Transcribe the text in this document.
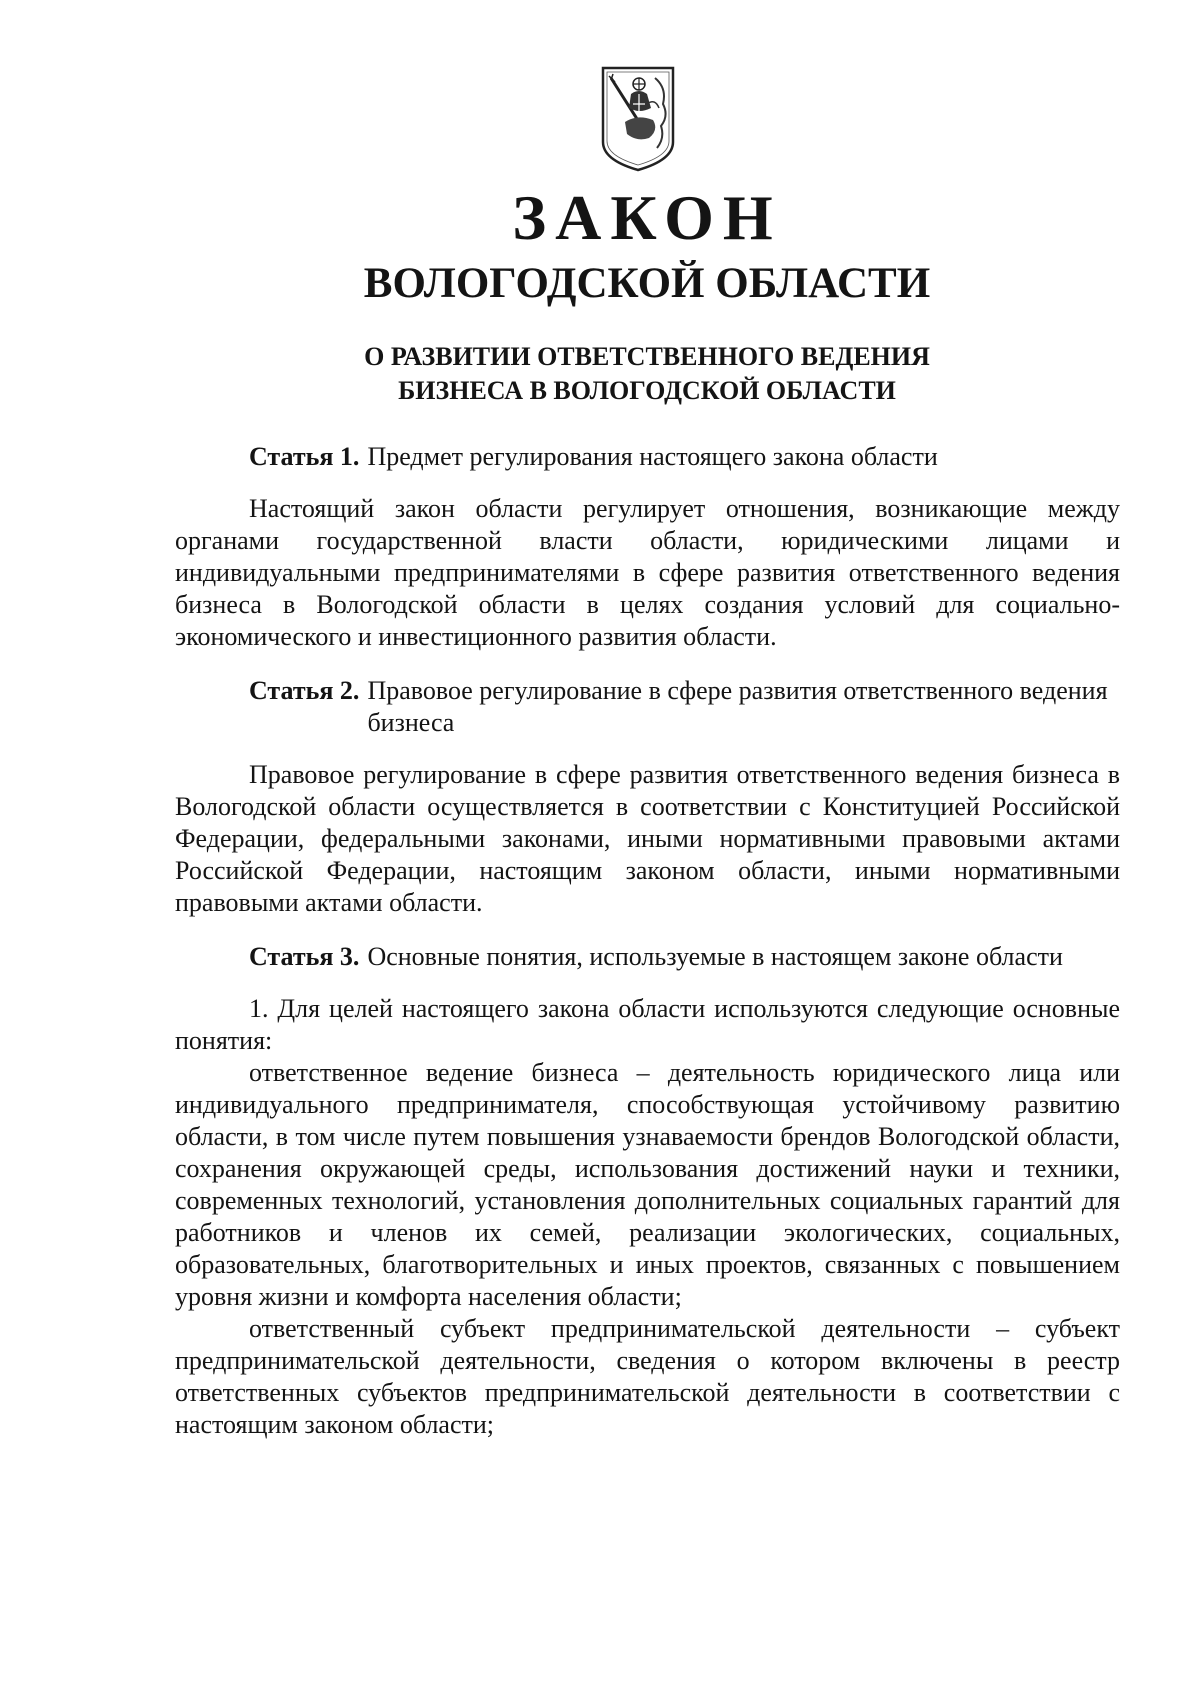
ЗАКОН
ВОЛОГОДСКОЙ ОБЛАСТИ
О РАЗВИТИИ ОТВЕТСТВЕННОГО ВЕДЕНИЯ
БИЗНЕСА В ВОЛОГОДСКОЙ ОБЛАСТИ
Статья 1. Предмет регулирования настоящего закона области

Настоящий закон области регулирует отношения, возникающие между органами государственной власти области, юридическими лицами и индивидуальными предпринимателями в сфере развития ответственного ведения бизнеса в Вологодской области в целях создания условий для социально-экономического и инвестиционного развития области.

Статья 2. Правовое регулирование в сфере развития ответственного ведения бизнеса

Правовое регулирование в сфере развития ответственного ведения бизнеса в Вологодской области осуществляется в соответствии с Конституцией Российской Федерации, федеральными законами, иными нормативными правовыми актами Российской Федерации, настоящим законом области, иными нормативными правовыми актами области.

Статья 3. Основные понятия, используемые в настоящем законе области

1. Для целей настоящего закона области используются следующие основные понятия:

ответственное ведение бизнеса – деятельность юридического лица или индивидуального предпринимателя, способствующая устойчивому развитию области, в том числе путем повышения узнаваемости брендов Вологодской области, сохранения окружающей среды, использования достижений науки и техники, современных технологий, установления дополнительных социальных гарантий для работников и членов их семей, реализации экологических, социальных, образовательных, благотворительных и иных проектов, связанных с повышением уровня жизни и комфорта населения области;

ответственный субъект предпринимательской деятельности – субъект предпринимательской деятельности, сведения о котором включены в реестр ответственных субъектов предпринимательской деятельности в соответствии с настоящим законом области;
